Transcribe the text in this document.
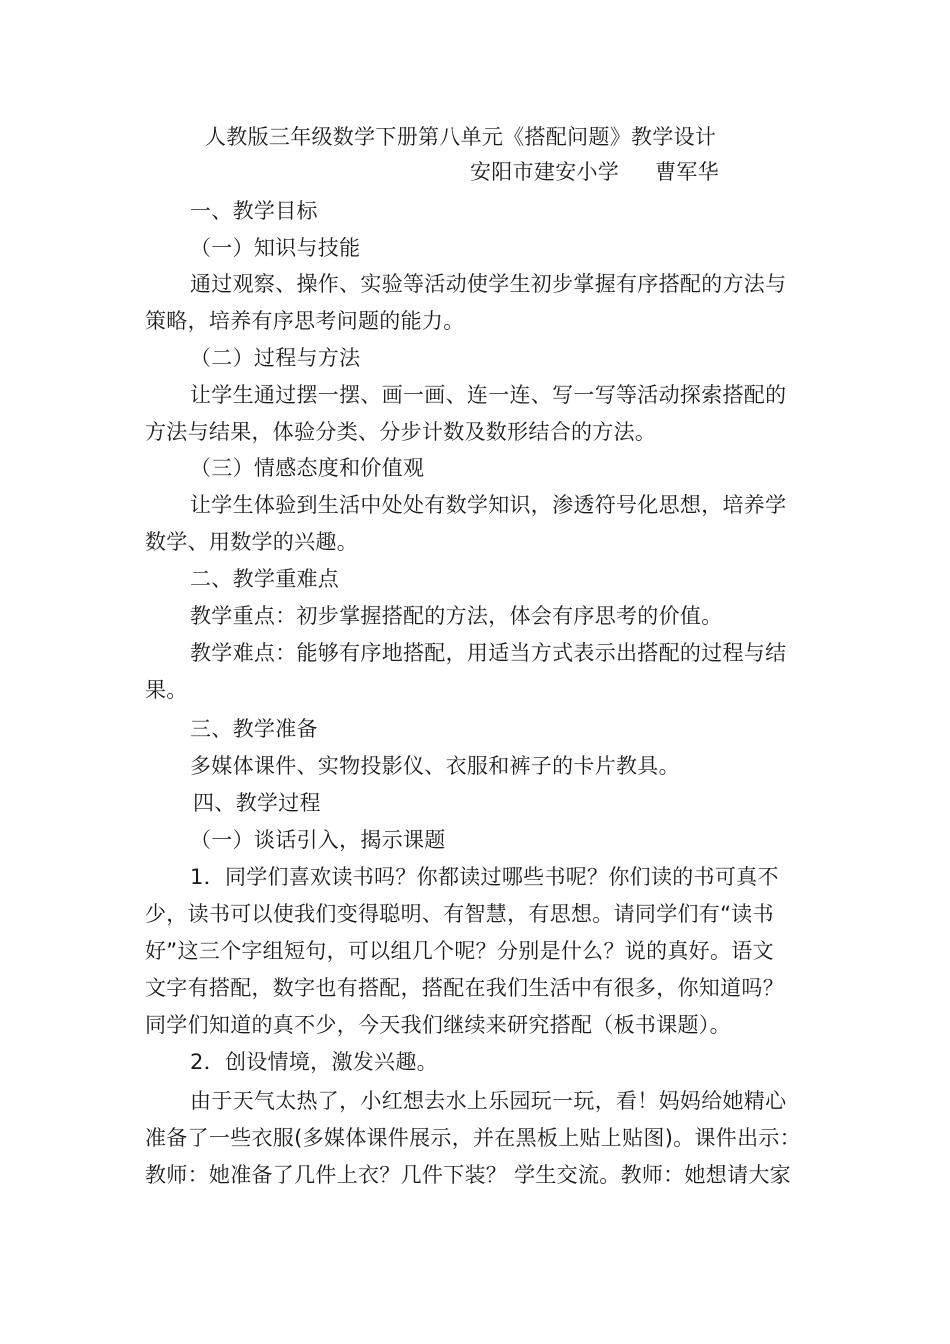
人教版三年级数学下册第八单元《搭配问题》教学设计
安阳市建安小学 曹军华
一、教学目标
（一）知识与技能
通过观察、操作、实验等活动使学生初步掌握有序搭配的方法与
策略，培养有序思考问题的能力。
（二）过程与方法
让学生通过摆一摆、画一画、连一连、写一写等活动探索搭配的
方法与结果，体验分类、分步计数及数形结合的方法。
（三）情感态度和价值观
让学生体验到生活中处处有数学知识，渗透符号化思想，培养学
数学、用数学的兴趣。
二、教学重难点
教学重点：初步掌握搭配的方法，体会有序思考的价值。
教学难点：能够有序地搭配，用适当方式表示出搭配的过程与结
果。
三、教学准备
多媒体课件、实物投影仪、衣服和裤子的卡片教具。
四、教学过程
（一）谈话引入，揭示课题
1．同学们喜欢读书吗？你都读过哪些书呢？你们读的书可真不
少，读书可以使我们变得聪明、有智慧，有思想。请同学们有“读书
好”这三个字组短句，可以组几个呢？分别是什么？说的真好。语文
文字有搭配，数字也有搭配，搭配在我们生活中有很多，你知道吗？
同学们知道的真不少，今天我们继续来研究搭配（板书课题）。
2．创设情境，激发兴趣。
由于天气太热了，小红想去水上乐园玩一玩，看！妈妈给她精心
准备了一些衣服(多媒体课件展示，并在黑板上贴上贴图)。课件出示：
教师：她准备了几件上衣？几件下装？ 学生交流。教师：她想请大家
